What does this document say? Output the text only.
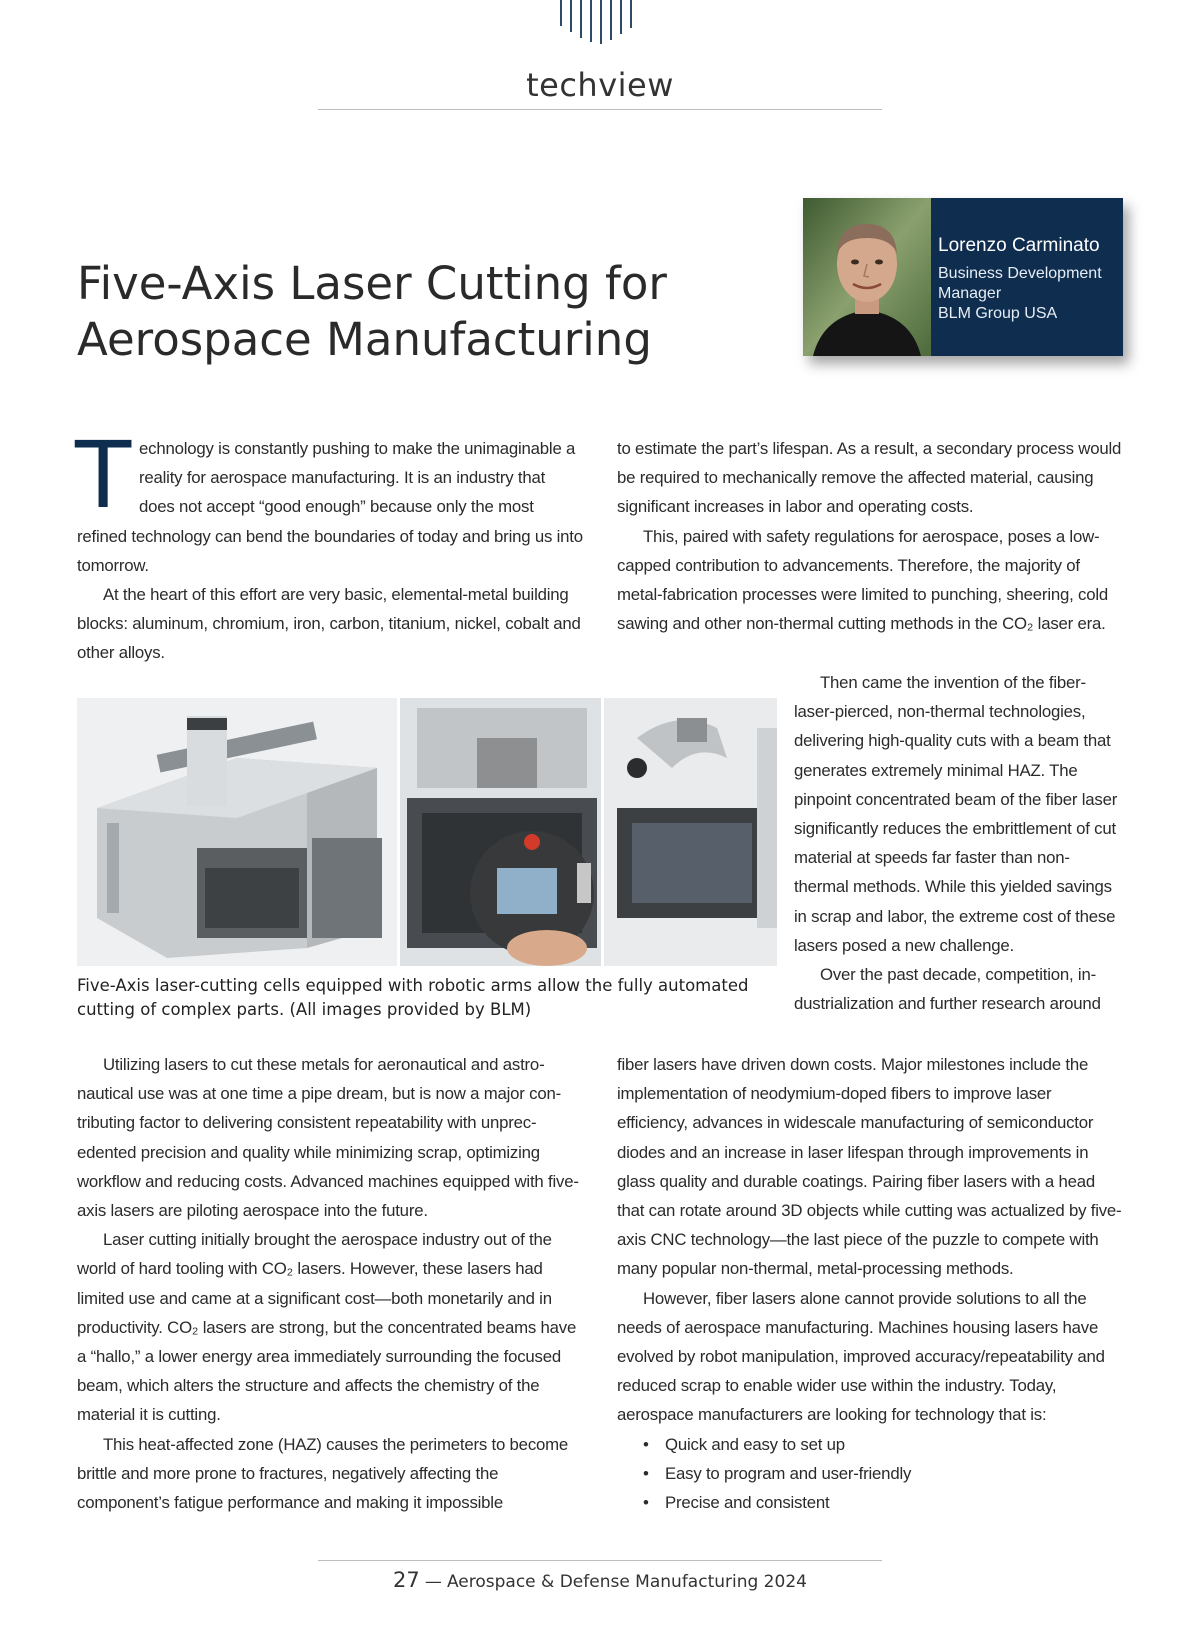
techview
Five-Axis Laser Cutting for
Aerospace Manufacturing
Lorenzo Carminato
Business Development
Manager
BLM Group USA

Technology is constantly pushing to make the unimaginable a reality for aerospace manufacturing. It is an industry that does not accept “good enough” because only the most refined technology can bend the boundaries of today and bring us into tomorrow.

At the heart of this effort are very basic, elemental-metal building blocks: aluminum, chromium, iron, carbon, titanium, nickel, cobalt and other alloys.

to estimate the part’s lifespan. As a result, a secondary process would be required to mechanically remove the affected material, causing significant increases in labor and operating costs.

This, paired with safety regulations for aerospace, poses a low-capped contribution to advancements. Therefore, the majority of metal-fabrication processes were limited to punching, sheering, cold sawing and other non-thermal cutting methods in the CO₂ laser era.

Then came the invention of the fiber-laser-pierced, non-thermal technologies, delivering high-quality cuts with a beam that generates extremely minimal HAZ. The pinpoint concentrated beam of the fiber laser significantly reduces the embrittlement of cut material at speeds far faster than non-thermal methods. While this yielded savings in scrap and labor, the extreme cost of these lasers posed a new challenge.

Over the past decade, competition, industrialization and further research around

Five-Axis laser-cutting cells equipped with robotic arms allow the fully automated
cutting of complex parts. (All images provided by BLM)

Utilizing lasers to cut these metals for aeronautical and astronautical use was at one time a pipe dream, but is now a major contributing factor to delivering consistent repeatability with unprecedented precision and quality while minimizing scrap, optimizing workflow and reducing costs. Advanced machines equipped with five-axis lasers are piloting aerospace into the future.

Laser cutting initially brought the aerospace industry out of the world of hard tooling with CO₂ lasers. However, these lasers had limited use and came at a significant cost—both monetarily and in productivity. CO₂ lasers are strong, but the concentrated beams have a “hallo,” a lower energy area immediately surrounding the focused beam, which alters the structure and affects the chemistry of the material it is cutting.

This heat-affected zone (HAZ) causes the perimeters to become brittle and more prone to fractures, negatively affecting the component’s fatigue performance and making it impossible

fiber lasers have driven down costs. Major milestones include the implementation of neodymium-doped fibers to improve laser efficiency, advances in widescale manufacturing of semiconductor diodes and an increase in laser lifespan through improvements in glass quality and durable coatings. Pairing fiber lasers with a head that can rotate around 3D objects while cutting was actualized by five-axis CNC technology—the last piece of the puzzle to compete with many popular non-thermal, metal-processing methods.

However, fiber lasers alone cannot provide solutions to all the needs of aerospace manufacturing. Machines housing lasers have evolved by robot manipulation, improved accuracy/repeatability and reduced scrap to enable wider use within the industry. Today, aerospace manufacturers are looking for technology that is:

• Quick and easy to set up
• Easy to program and user-friendly
• Precise and consistent
27 — Aerospace & Defense Manufacturing 2024
